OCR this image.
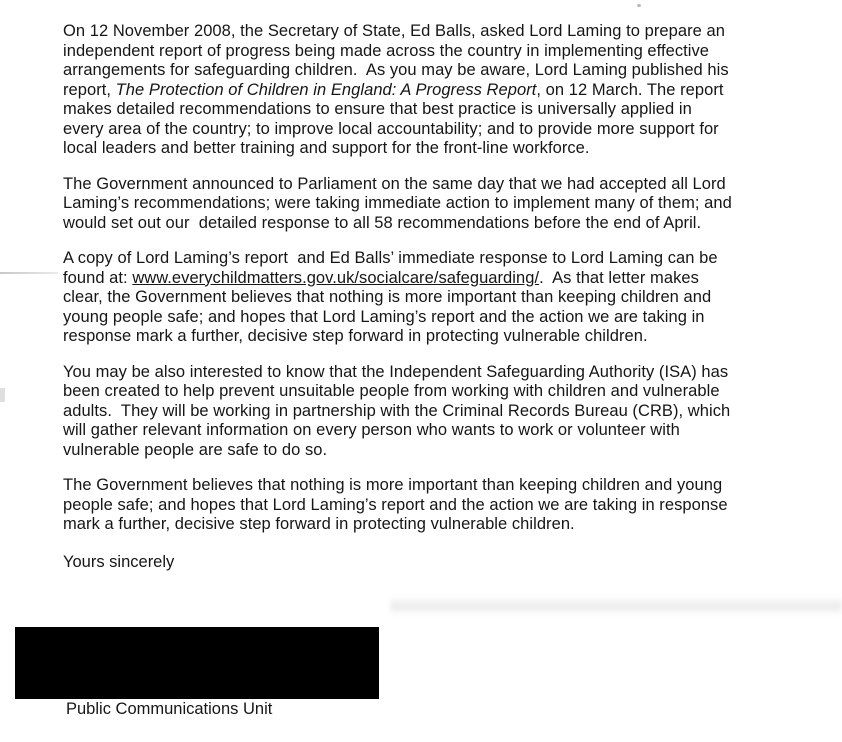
On 12 November 2008, the Secretary of State, Ed Balls, asked Lord Laming to prepare an
independent report of progress being made across the country in implementing effective
arrangements for safeguarding children.  As you may be aware, Lord Laming published his
report, The Protection of Children in England: A Progress Report, on 12 March. The report
makes detailed recommendations to ensure that best practice is universally applied in
every area of the country; to improve local accountability; and to provide more support for
local leaders and better training and support for the front-line workforce.
The Government announced to Parliament on the same day that we had accepted all Lord
Laming’s recommendations; were taking immediate action to implement many of them; and
would set out our  detailed response to all 58 recommendations before the end of April.
A copy of Lord Laming’s report  and Ed Balls’ immediate response to Lord Laming can be
found at: www.everychildmatters.gov.uk/socialcare/safeguarding/.  As that letter makes
clear, the Government believes that nothing is more important than keeping children and
young people safe; and hopes that Lord Laming’s report and the action we are taking in
response mark a further, decisive step forward in protecting vulnerable children.
You may be also interested to know that the Independent Safeguarding Authority (ISA) has
been created to help prevent unsuitable people from working with children and vulnerable
adults.  They will be working in partnership with the Criminal Records Bureau (CRB), which
will gather relevant information on every person who wants to work or volunteer with
vulnerable people are safe to do so.
The Government believes that nothing is more important than keeping children and young
people safe; and hopes that Lord Laming’s report and the action we are taking in response
mark a further, decisive step forward in protecting vulnerable children.
Yours sincerely
Public Communications Unit
